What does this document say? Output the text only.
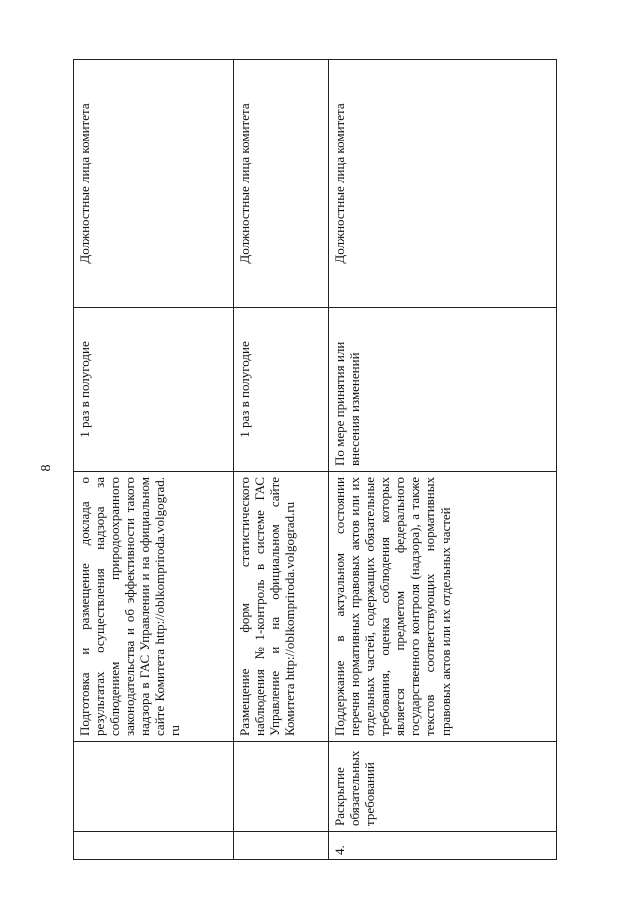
8
		Подготовка и размещение доклада о результатах осуществления надзора за соблюдением природоохранного законодательства и об эффективности такого надзора в ГАС Управлении и на официальном сайте Комитета http://oblkompriroda.volgograd.ru	1 раз в полугодие	Должностные лица комитета
		Размещение форм статистического наблюдения №1-контроль в системе ГАС Управление и на официальном сайте Комитета http://oblkompriroda.volgograd.ru	1 раз в полугодие	Должностные лица комитета
4.	Раскрытие обязательных требований	Поддержание в актуальном состоянии перечня нормативных правовых актов или их отдельных частей, содержащих обязательные требования, оценка соблюдения которых является предметом федерального государственного контроля (надзора), а также текстов соответствующих нормативных правовых актов или их отдельных частей	По мере принятия или внесения изменений	Должностные лица комитета
